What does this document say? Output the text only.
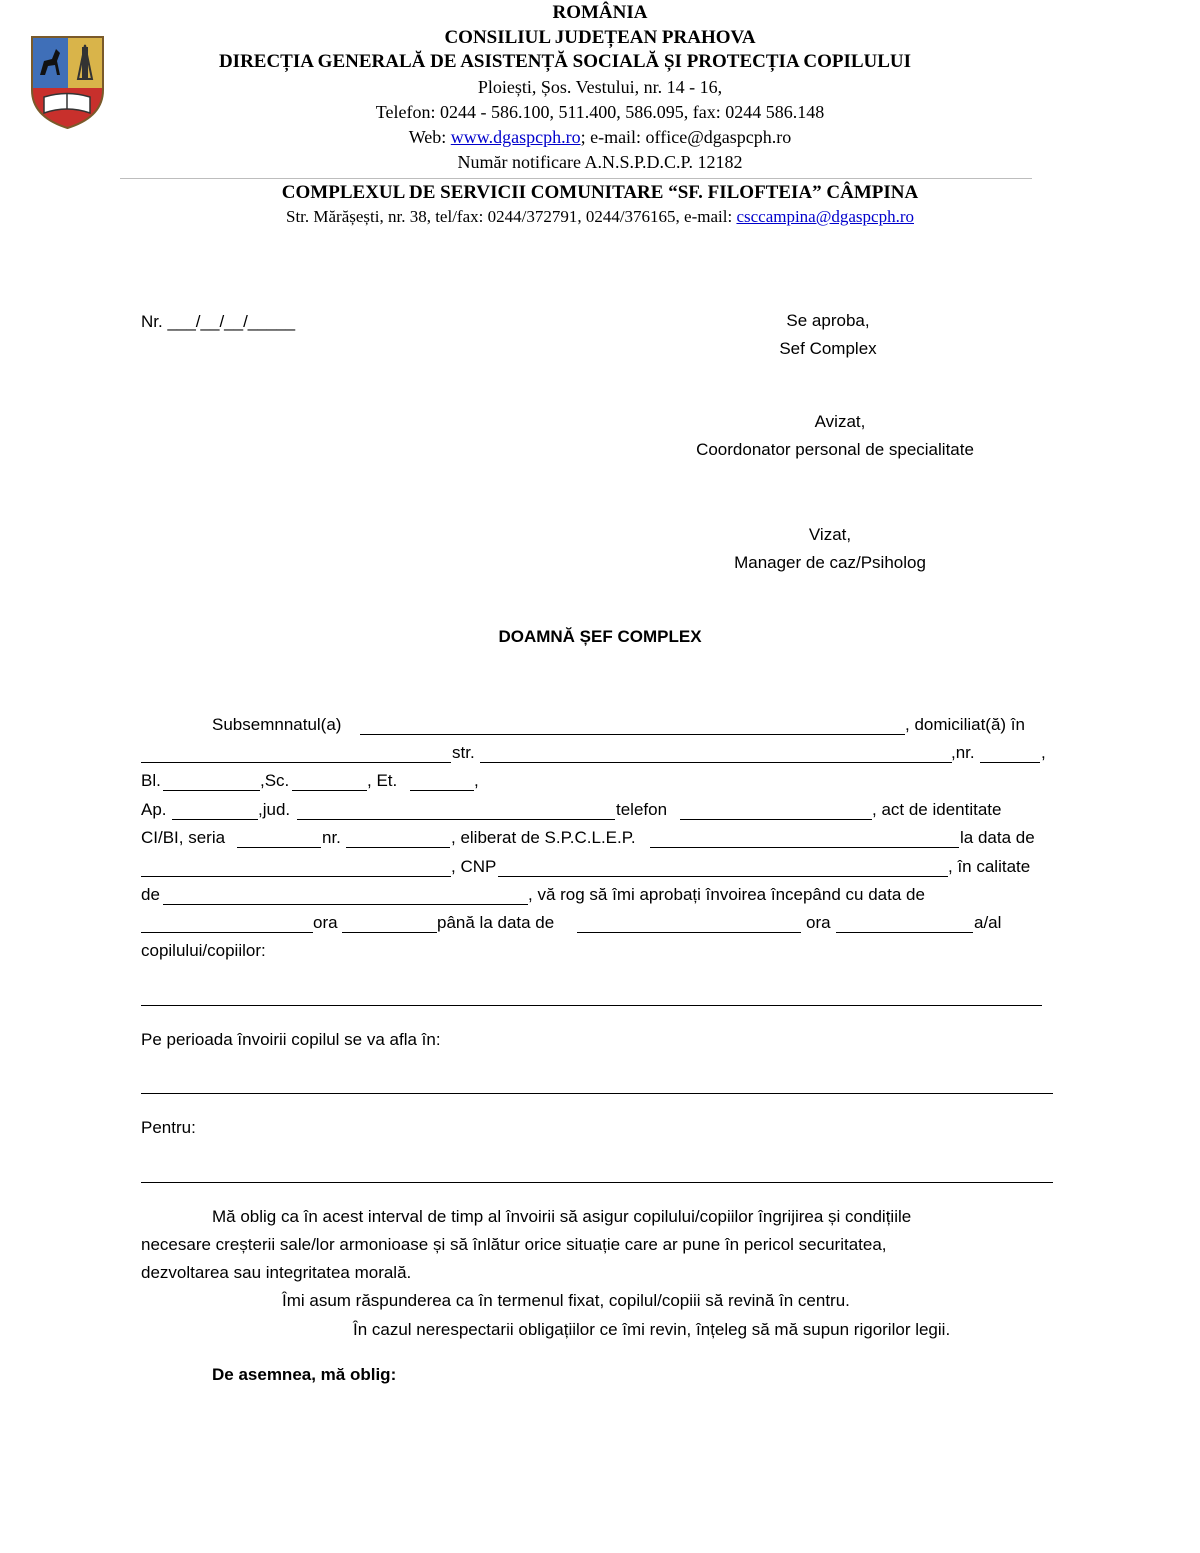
ROMÂNIA
CONSILIUL JUDEȚEAN PRAHOVA
DIRECȚIA GENERALĂ DE ASISTENȚĂ SOCIALĂ ȘI PROTECȚIA COPILULUI
Ploiești, Șos. Vestului, nr. 14 - 16,
Telefon: 0244 - 586.100, 511.400, 586.095, fax: 0244 586.148
Web: www.dgaspcph.ro; e-mail: office@dgaspcph.ro
Număr notificare A.N.S.P.D.C.P. 12182
COMPLEXUL DE SERVICII COMUNITARE “SF. FILOFTEIA” CÂMPINA
Str. Mărășești, nr. 38, tel/fax: 0244/372791, 0244/376165, e-mail: csccampina@dgaspcph.ro
Nr. ___/__/__/_____	Se aproba,
Sef Complex
Avizat,
Coordonator personal de specialitate
Vizat,
Manager de caz/Psiholog
DOAMNĂ ȘEF COMPLEX
Subsemnnatul(a)	, domiciliat(ă) în
str.	,nr.	,
Bl.	,Sc.	, Et.	,
Ap.	,jud.	telefon	, act de identitate
CI/BI, seria	nr.	, eliberat de S.P.C.L.E.P.	la data de
, CNP	, în calitate
de	, vă rog să îmi aprobați învoirea începând cu data de
ora	până la data de	ora	a/al
copilului/copiilor:
Pe perioada învoirii copilul se va afla în:
Pentru:
Mă oblig ca în acest interval de timp al învoirii să asigur copilului/copiilor îngrijirea și condițiile
necesare creșterii sale/lor armonioase și să înlătur orice situație care ar pune în pericol securitatea,
dezvoltarea sau integritatea morală.
Îmi asum răspunderea ca în termenul fixat, copilul/copiii să revină în centru.
În cazul nerespectarii obligațiilor ce îmi revin, înțeleg să mă supun rigorilor legii.
De asemnea, mă oblig:
